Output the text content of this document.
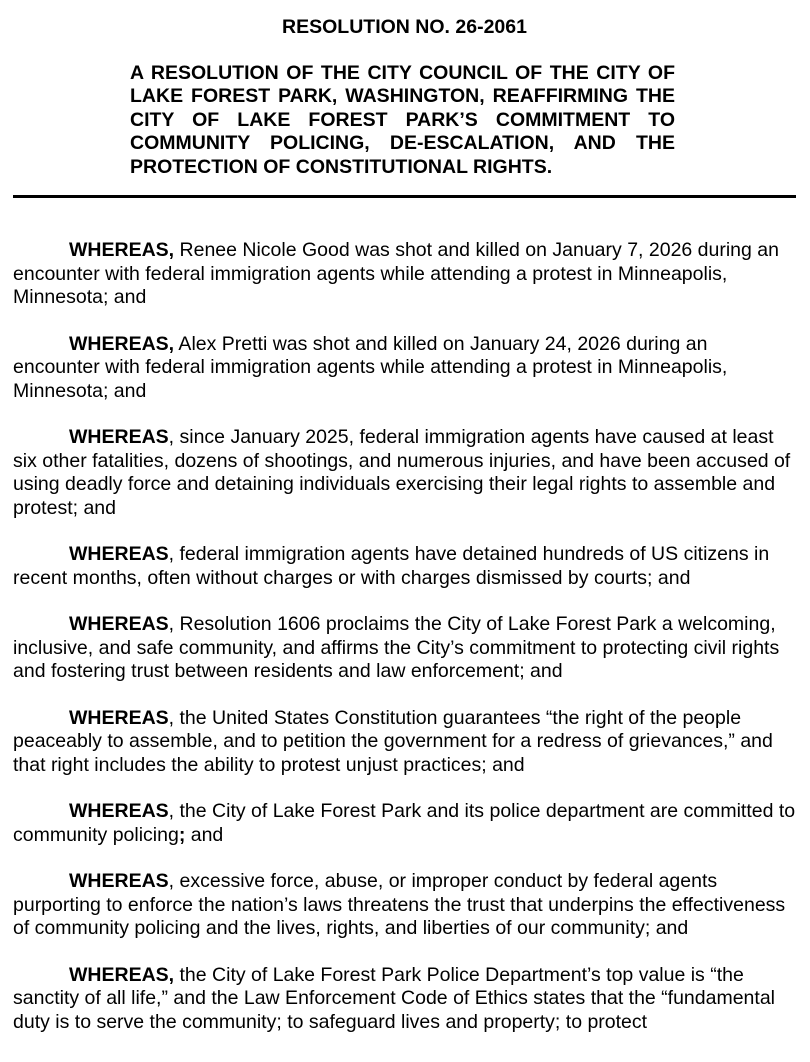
RESOLUTION NO. 26-2061

A RESOLUTION OF THE CITY COUNCIL OF THE CITY OF LAKE FOREST PARK, WASHINGTON, REAFFIRMING THE CITY OF LAKE FOREST PARK’S COMMITMENT TO COMMUNITY POLICING, DE-ESCALATION, AND THE PROTECTION OF CONSTITUTIONAL RIGHTS.

WHEREAS, Renee Nicole Good was shot and killed on January 7, 2026 during an encounter with federal immigration agents while attending a protest in Minneapolis, Minnesota; and

WHEREAS, Alex Pretti was shot and killed on January 24, 2026 during an encounter with federal immigration agents while attending a protest in Minneapolis, Minnesota; and

WHEREAS, since January 2025, federal immigration agents have caused at least six other fatalities, dozens of shootings, and numerous injuries, and have been accused of using deadly force and detaining individuals exercising their legal rights to assemble and protest; and

WHEREAS, federal immigration agents have detained hundreds of US citizens in recent months, often without charges or with charges dismissed by courts; and

WHEREAS, Resolution 1606 proclaims the City of Lake Forest Park a welcoming, inclusive, and safe community, and affirms the City’s commitment to protecting civil rights and fostering trust between residents and law enforcement; and

WHEREAS, the United States Constitution guarantees “the right of the people peaceably to assemble, and to petition the government for a redress of grievances,” and that right includes the ability to protest unjust practices; and

WHEREAS, the City of Lake Forest Park and its police department are committed to community policing; and

WHEREAS, excessive force, abuse, or improper conduct by federal agents purporting to enforce the nation’s laws threatens the trust that underpins the effectiveness of community policing and the lives, rights, and liberties of our community; and

WHEREAS, the City of Lake Forest Park Police Department’s top value is “the sanctity of all life,” and the Law Enforcement Code of Ethics states that the “fundamental duty is to serve the community; to safeguard lives and property; to protect
